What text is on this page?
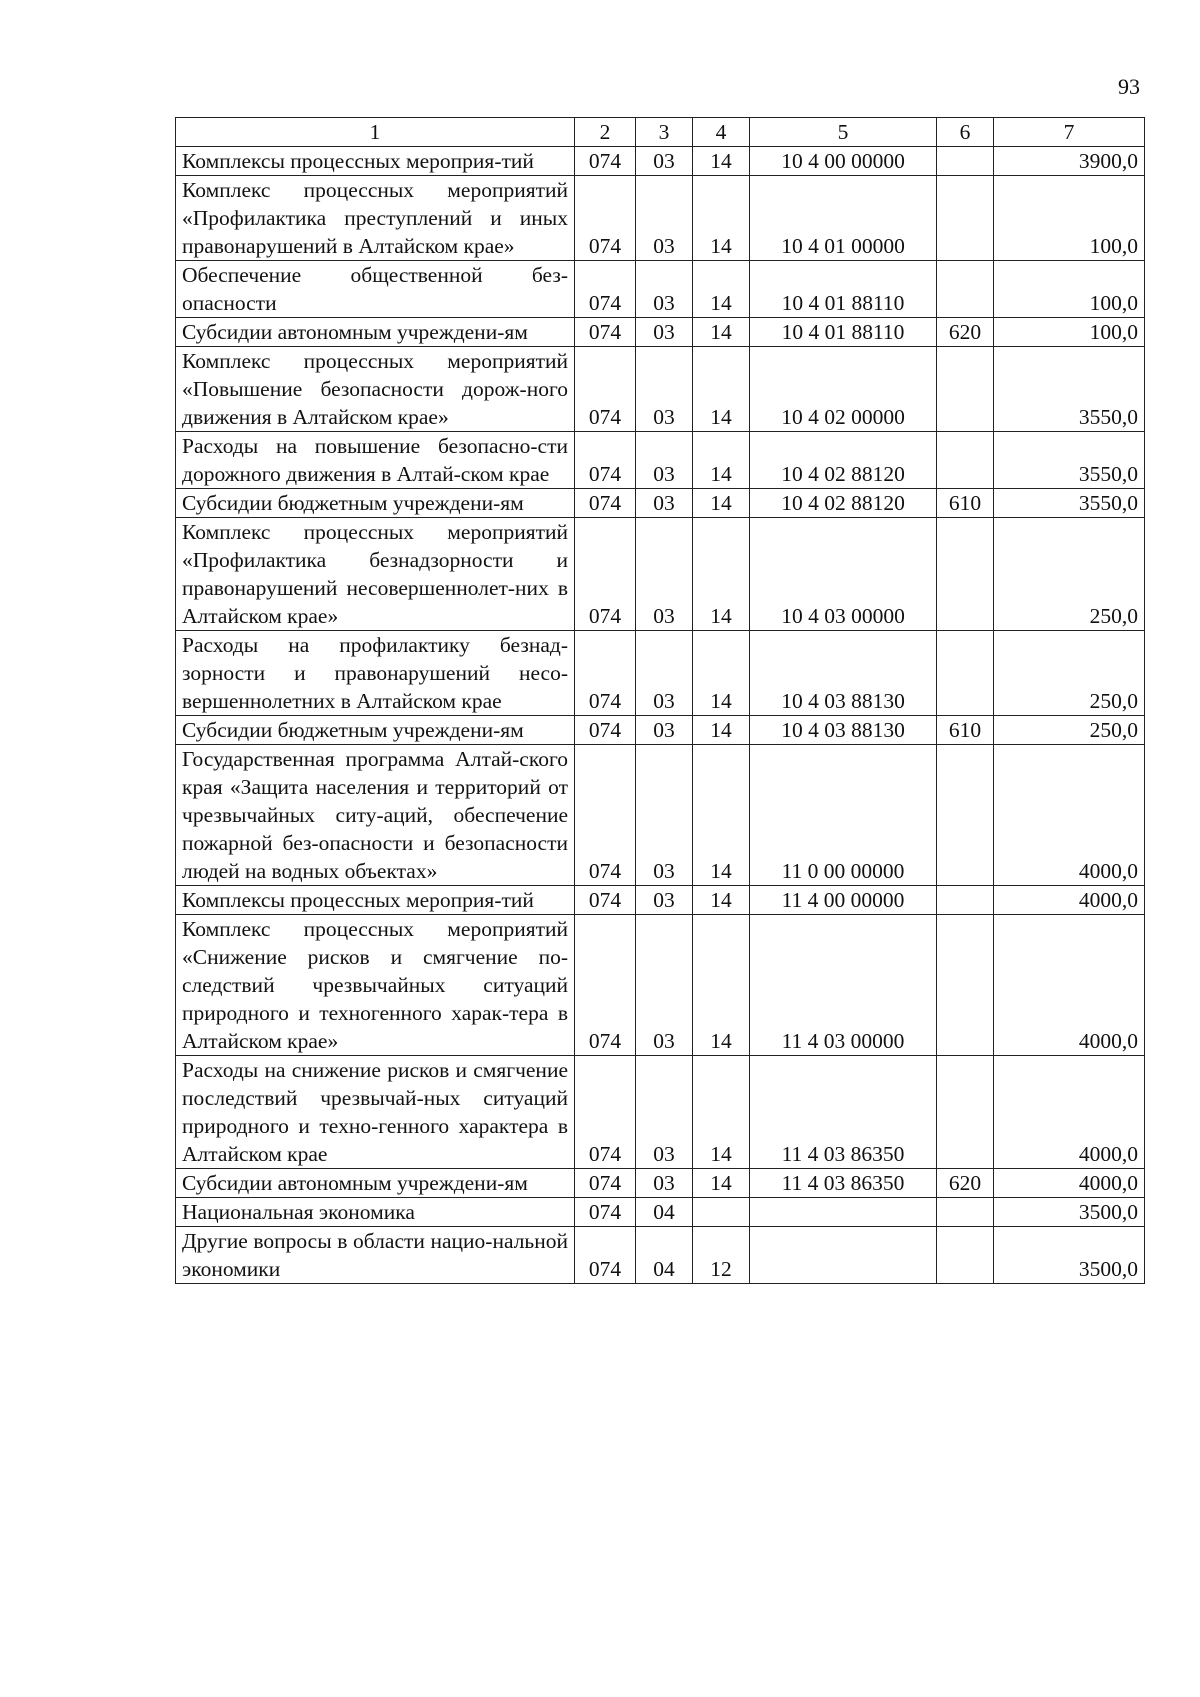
93
1	2	3	4	5	6	7
Комплексы процессных мероприя-тий	074	03	14	10 4 00 00000		3900,0
Комплекс процессных мероприятий «Профилактика преступлений и иных правонарушений в Алтайском крае»	074	03	14	10 4 01 00000		100,0
Обеспечение общественной без-опасности	074	03	14	10 4 01 88110		100,0
Субсидии автономным учреждени-ям	074	03	14	10 4 01 88110	620	100,0
Комплекс процессных мероприятий «Повышение безопасности дорож-ного движения в Алтайском крае»	074	03	14	10 4 02 00000		3550,0
Расходы на повышение безопасно-сти дорожного движения в Алтай-ском крае	074	03	14	10 4 02 88120		3550,0
Субсидии бюджетным учреждени-ям	074	03	14	10 4 02 88120	610	3550,0
Комплекс процессных мероприятий «Профилактика безнадзорности и правонарушений несовершеннолет-них в Алтайском крае»	074	03	14	10 4 03 00000		250,0
Расходы на профилактику безнад-зорности и правонарушений несо-вершеннолетних в Алтайском крае	074	03	14	10 4 03 88130		250,0
Субсидии бюджетным учреждени-ям	074	03	14	10 4 03 88130	610	250,0
Государственная программа Алтай-ского края «Защита населения и территорий от чрезвычайных ситу-аций, обеспечение пожарной без-опасности и безопасности людей на водных объектах»	074	03	14	11 0 00 00000		4000,0
Комплексы процессных мероприя-тий	074	03	14	11 4 00 00000		4000,0
Комплекс процессных мероприятий «Снижение рисков и смягчение по-следствий чрезвычайных ситуаций природного и техногенного харак-тера в Алтайском крае»	074	03	14	11 4 03 00000		4000,0
Расходы на снижение рисков и смягчение последствий чрезвычай-ных ситуаций природного и техно-генного характера в Алтайском крае	074	03	14	11 4 03 86350		4000,0
Субсидии автономным учреждени-ям	074	03	14	11 4 03 86350	620	4000,0
Национальная экономика	074	04				3500,0
Другие вопросы в области нацио-нальной экономики	074	04	12			3500,0
